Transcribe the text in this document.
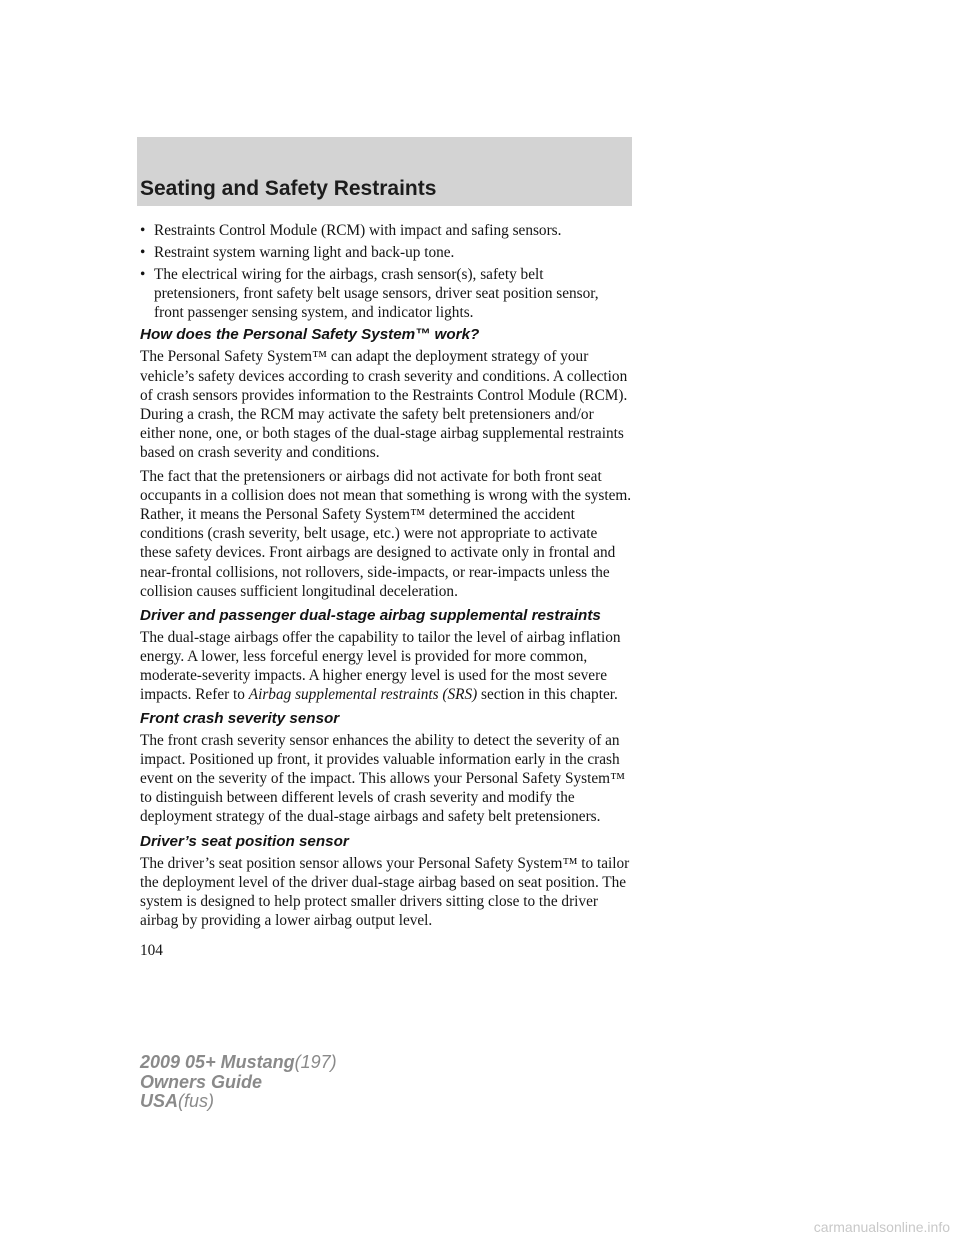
Seating and Safety Restraints
• Restraints Control Module (RCM) with impact and safing sensors.
• Restraint system warning light and back-up tone.
• The electrical wiring for the airbags, crash sensor(s), safety belt pretensioners, front safety belt usage sensors, driver seat position sensor, front passenger sensing system, and indicator lights.
How does the Personal Safety System™ work?

The Personal Safety System™ can adapt the deployment strategy of your vehicle’s safety devices according to crash severity and conditions. A collection of crash sensors provides information to the Restraints Control Module (RCM). During a crash, the RCM may activate the safety belt pretensioners and/or either none, one, or both stages of the dual-stage airbag supplemental restraints based on crash severity and conditions.

The fact that the pretensioners or airbags did not activate for both front seat occupants in a collision does not mean that something is wrong with the system. Rather, it means the Personal Safety System™ determined the accident conditions (crash severity, belt usage, etc.) were not appropriate to activate these safety devices. Front airbags are designed to activate only in frontal and near-frontal collisions, not rollovers, side-impacts, or rear-impacts unless the collision causes sufficient longitudinal deceleration.

Driver and passenger dual-stage airbag supplemental restraints

The dual-stage airbags offer the capability to tailor the level of airbag inflation energy. A lower, less forceful energy level is provided for more common, moderate-severity impacts. A higher energy level is used for the most severe impacts. Refer to Airbag supplemental restraints (SRS) section in this chapter.

Front crash severity sensor

The front crash severity sensor enhances the ability to detect the severity of an impact. Positioned up front, it provides valuable information early in the crash event on the severity of the impact. This allows your Personal Safety System™ to distinguish between different levels of crash severity and modify the deployment strategy of the dual-stage airbags and safety belt pretensioners.

Driver’s seat position sensor

The driver’s seat position sensor allows your Personal Safety System™ to tailor the deployment level of the driver dual-stage airbag based on seat position. The system is designed to help protect smaller drivers sitting close to the driver airbag by providing a lower airbag output level.

104
2009 05+ Mustang(197)
Owners Guide
USA(fus)
carmanualsonline.info
